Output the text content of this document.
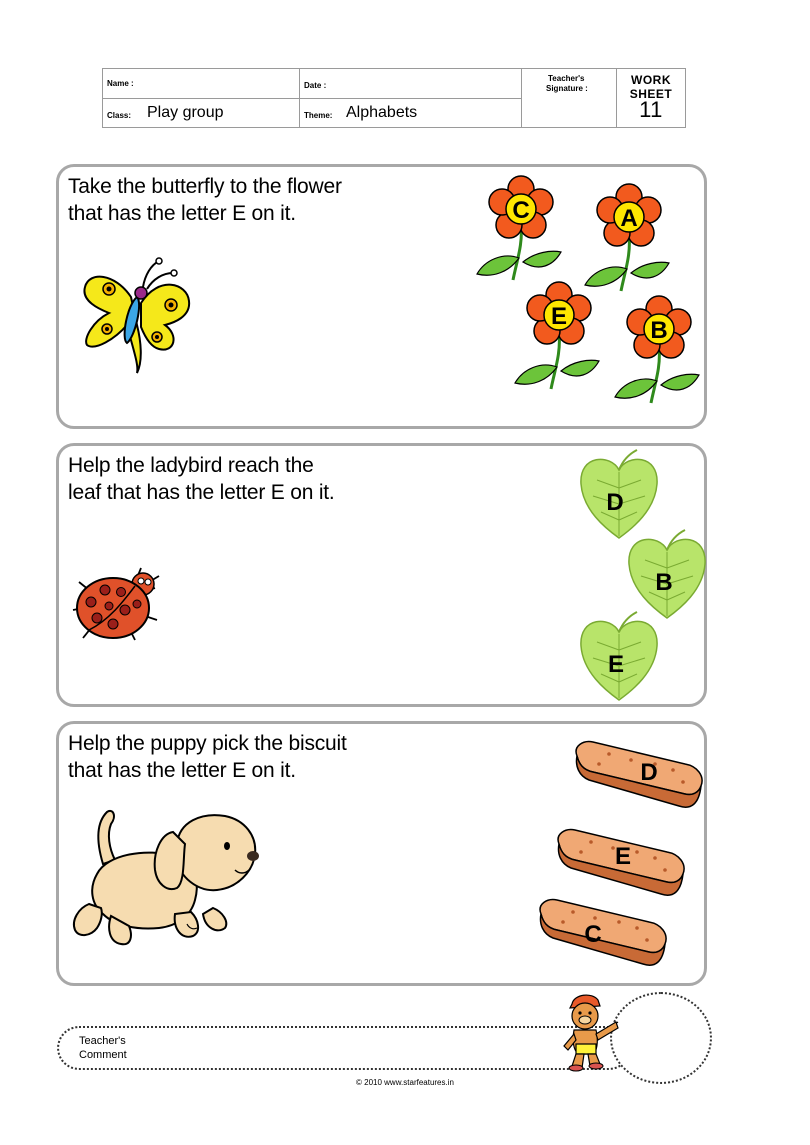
Name :	Date :
Class: Play group	Theme: Alphabets
Teacher's
Signature :
WORK
SHEET
11
Take the butterfly to the flower
that has the letter E on it.	C	A
E
B
Help the ladybird reach the
leaf that has the letter E on it.	D
B
E
Help the puppy pick the biscuit
that has the letter E on it.	D
E
C
Teacher's
Comment
© 2010 www.starfeatures.in
